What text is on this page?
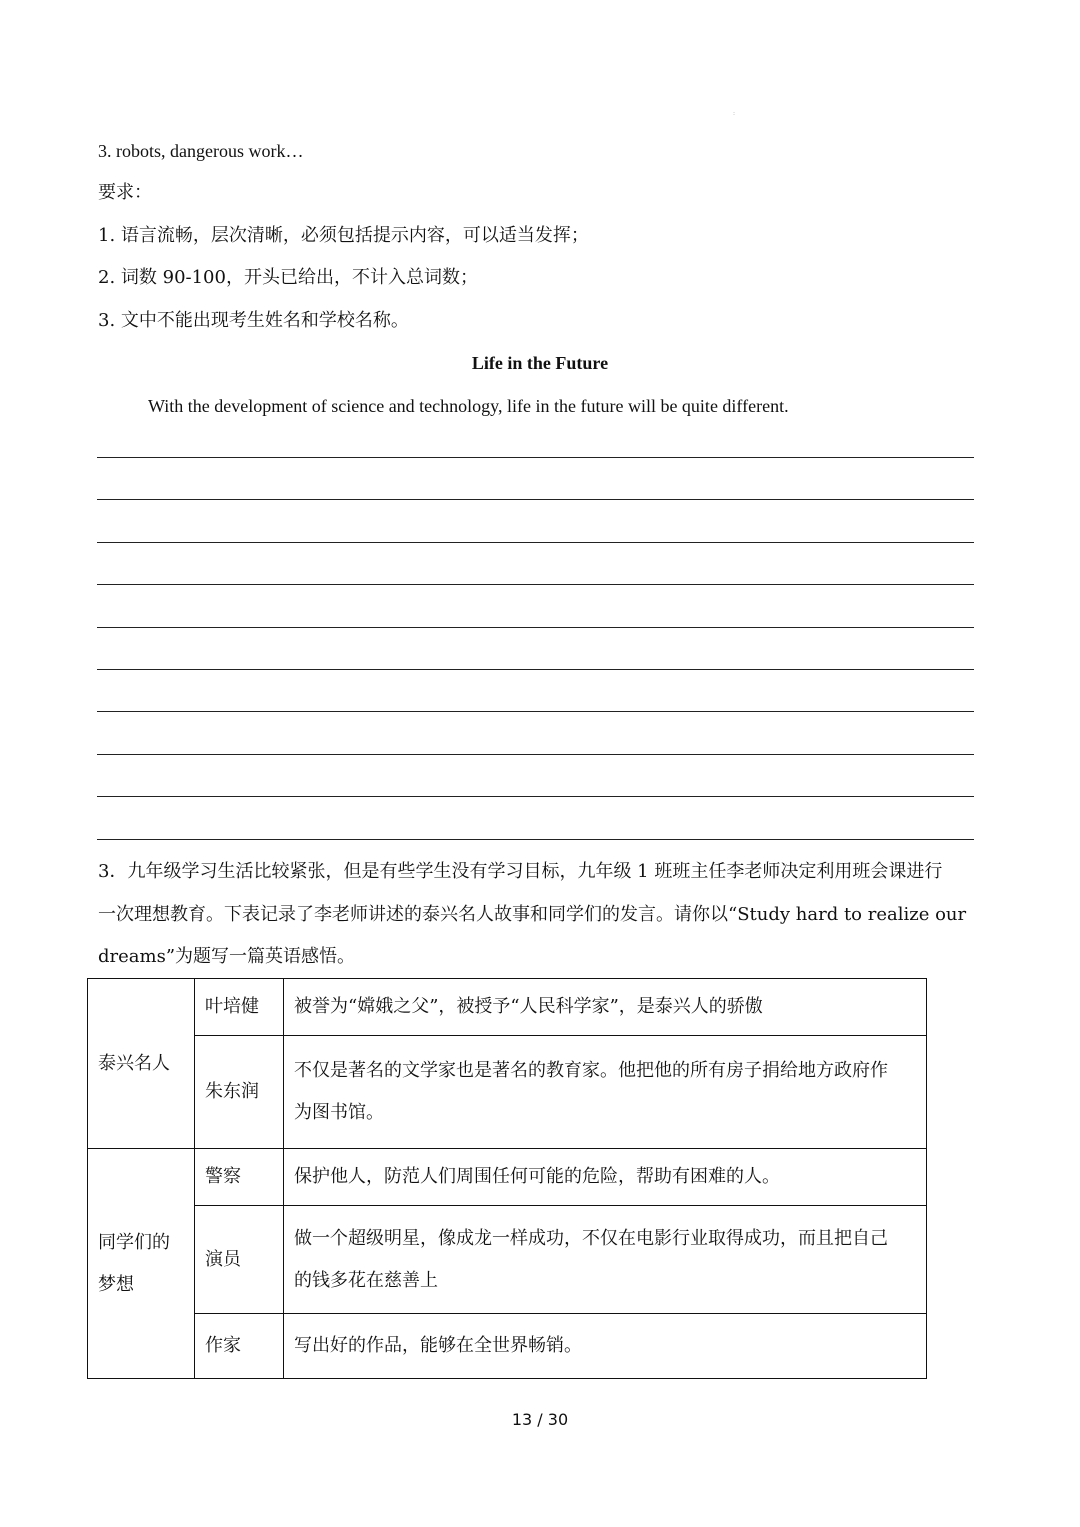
:
3. robots, dangerous work…
要求：
1. 语言流畅，层次清晰，必须包括提示内容，可以适当发挥；
2. 词数 90-100，开头已给出，不计入总词数；
3. 文中不能出现考生姓名和学校名称。
Life in the Future
With the development of science and technology, life in the future will be quite different.
3．九年级学习生活比较紧张，但是有些学生没有学习目标，九年级 1 班班主任李老师决定利用班会课进行
一次理想教育。下表记录了李老师讲述的泰兴名人故事和同学们的发言。请你以“Study hard to realize our
dreams”为题写一篇英语感悟。
泰兴名人	叶培健	被誉为“嫦娥之父”，被授予“人民科学家”，是泰兴人的骄傲
	朱东润	不仅是著名的文学家也是著名的教育家。他把他的所有房子捐给地方政府作
为图书馆。

同学们的
梦想	警察	保护他人，防范人们周围任何可能的危险，帮助有困难的人。
	演员	做一个超级明星，像成龙一样成功，不仅在电影行业取得成功，而且把自己
的钱多花在慈善上

	作家	写出好的作品，能够在全世界畅销。
13 / 30
